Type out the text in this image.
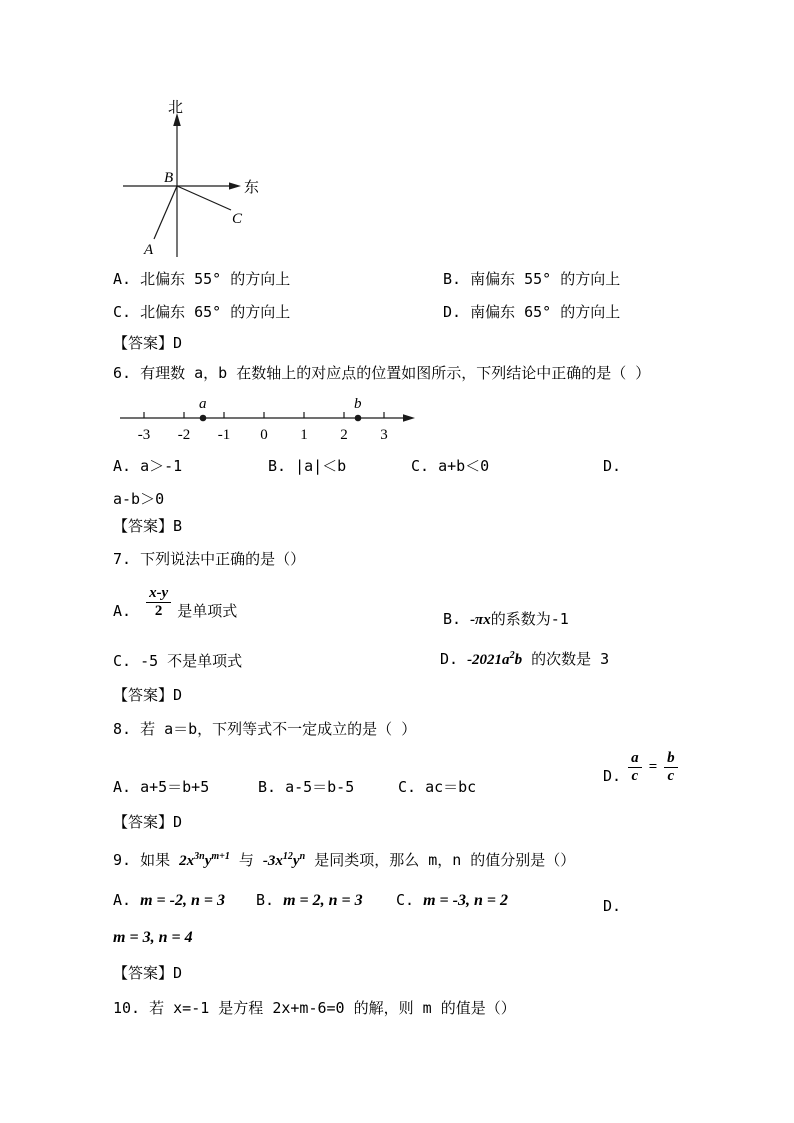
北
东
B
C
A
A. 北偏东 55° 的方向上	B. 南偏东 55° 的方向上
C. 北偏东 65° 的方向上	D. 南偏东 65° 的方向上
【答案】D
6. 有理数 a，b 在数轴上的对应点的位置如图所示，下列结论中正确的是（ ）
-3 -2 -1 0 1 2 3
a	b
A. a＞-1	B. |a|＜b	C. a+b＜0	D.
a-b＞0
【答案】B
7. 下列说法中正确的是（）
A. $\frac{x-y}{2}$ 是单项式	B. -πx的系数为-1
C. -5 不是单项式	D. $-2021a^2b$ 的次数是 3
【答案】D
8. 若 a＝b，下列等式不一定成立的是（ ）
A. a+5＝b+5	B. a-5＝b-5	C. ac＝bc
D. $\frac{a}{c} = \frac{b}{c}$
【答案】D
9. 如果 $2x^{3n}y^{m+1}$ 与 $-3x^{12}y^n$ 是同类项，那么 m，n 的值分别是（）
A. m = -2, n = 3 B. m = 2, n = 3 C. m = -3, n = 2	D.
m = 3, n = 4
【答案】D
10. 若 x=-1 是方程 2x+m-6=0 的解，则 m 的值是（）
